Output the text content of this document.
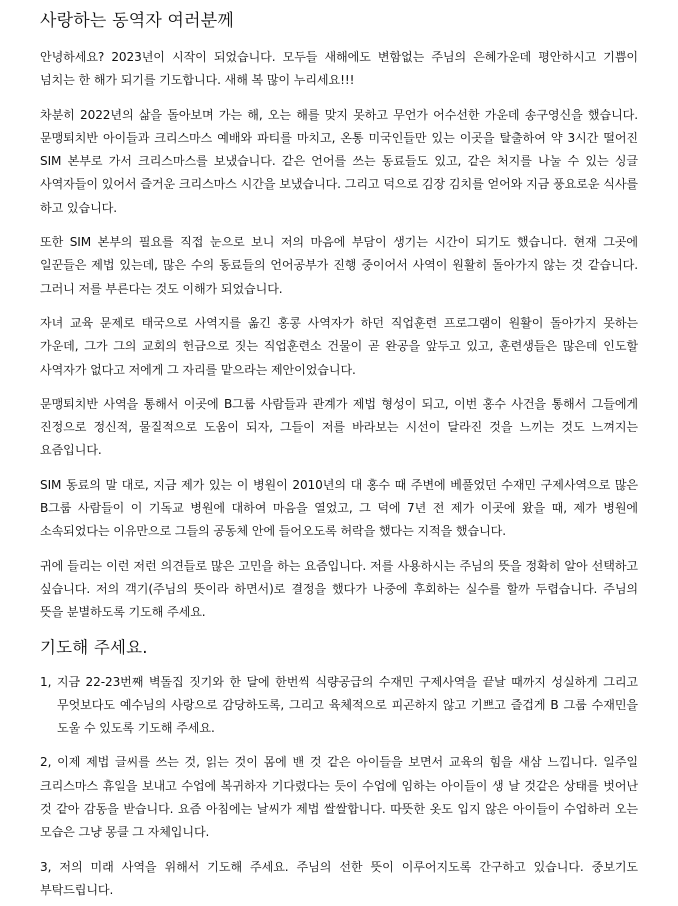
사랑하는 동역자 여러분께

안녕하세요? 2023년이 시작이 되었습니다. 모두들 새해에도 변함없는 주님의 은혜가운데 평안하시고 기쁨이 넘치는 한 해가 되기를 기도합니다. 새해 복 많이 누리세요!!!

차분히 2022년의 삶을 돌아보며 가는 해, 오는 해를 맞지 못하고 무언가 어수선한 가운데 송구영신을 했습니다. 문맹퇴치반 아이들과 크리스마스 예배와 파티를 마치고, 온통 미국인들만 있는 이곳을 탈출하여 약 3시간 떨어진 SIM 본부로 가서 크리스마스를 보냈습니다. 같은 언어를 쓰는 동료들도 있고, 같은 처지를 나눌 수 있는 싱글 사역자들이 있어서 즐거운 크리스마스 시간을 보냈습니다. 그리고 덕으로 김장 김치를 얻어와 지금 풍요로운 식사를 하고 있습니다.

또한 SIM 본부의 필요를 직접 눈으로 보니 저의 마음에 부담이 생기는 시간이 되기도 했습니다. 현재 그곳에 일꾼들은 제법 있는데, 많은 수의 동료들의 언어공부가 진행 중이어서 사역이 원활히 돌아가지 않는 것 같습니다. 그러니 저를 부른다는 것도 이해가 되었습니다.

자녀 교육 문제로 태국으로 사역지를 옮긴 홍콩 사역자가 하던 직업훈련 프로그램이 원활이 돌아가지 못하는 가운데, 그가 그의 교회의 헌금으로 짓는 직업훈련소 건물이 곧 완공을 앞두고 있고, 훈련생들은 많은데 인도할 사역자가 없다고 저에게 그 자리를 맡으라는 제안이었습니다.

문맹퇴치반 사역을 통해서 이곳에 B그룹 사람들과 관계가 제법 형성이 되고, 이번 홍수 사건을 통해서 그들에게 진정으로 정신적, 물질적으로 도움이 되자, 그들이 저를 바라보는 시선이 달라진 것을 느끼는 것도 느껴지는 요즘입니다.

SIM 동료의 말 대로, 지금 제가 있는 이 병원이 2010년의 대 홍수 때 주변에 베풀었던 수재민 구제사역으로 많은 B그룹 사람들이 이 기독교 병원에 대하여 마음을 열었고, 그 덕에 7년 전 제가 이곳에 왔을 때, 제가 병원에 소속되었다는 이유만으로 그들의 공동체 안에 들어오도록 허락을 했다는 지적을 했습니다.

귀에 들리는 이런 저런 의견들로 많은 고민을 하는 요즘입니다. 저를 사용하시는 주님의 뜻을 정확히 알아 선택하고 싶습니다. 저의 객기(주님의 뜻이라 하면서)로 결정을 했다가 나중에 후회하는 실수를 할까 두렵습니다. 주님의 뜻을 분별하도록 기도해 주세요.

기도해 주세요.

1, 지금 22-23번째 벽돌집 짓기와 한 달에 한번씩 식량공급의 수재민 구제사역을 끝날 때까지 성실하게 그리고 무엇보다도 예수님의 사랑으로 감당하도록, 그리고 육체적으로 피곤하지 않고 기쁘고 즐겁게 B 그룹 수재민을 도울 수 있도록 기도해 주세요.

2, 이제 제법 글씨를 쓰는 것, 읽는 것이 몸에 밴 것 같은 아이들을 보면서 교육의 힘을 새삼 느낍니다. 일주일 크리스마스 휴일을 보내고 수업에 복귀하자 기다렸다는 듯이 수업에 임하는 아이들이 생 날 것같은 상태를 벗어난 것 같아 감동을 받습니다. 요즘 아침에는 날씨가 제법 쌀쌀합니다. 따뜻한 옷도 입지 않은 아이들이 수업하러 오는 모습은 그냥 몽클 그 자체입니다.

3, 저의 미래 사역을 위해서 기도해 주세요. 주님의 선한 뜻이 이루어지도록 간구하고 있습니다. 중보기도 부탁드립니다.
